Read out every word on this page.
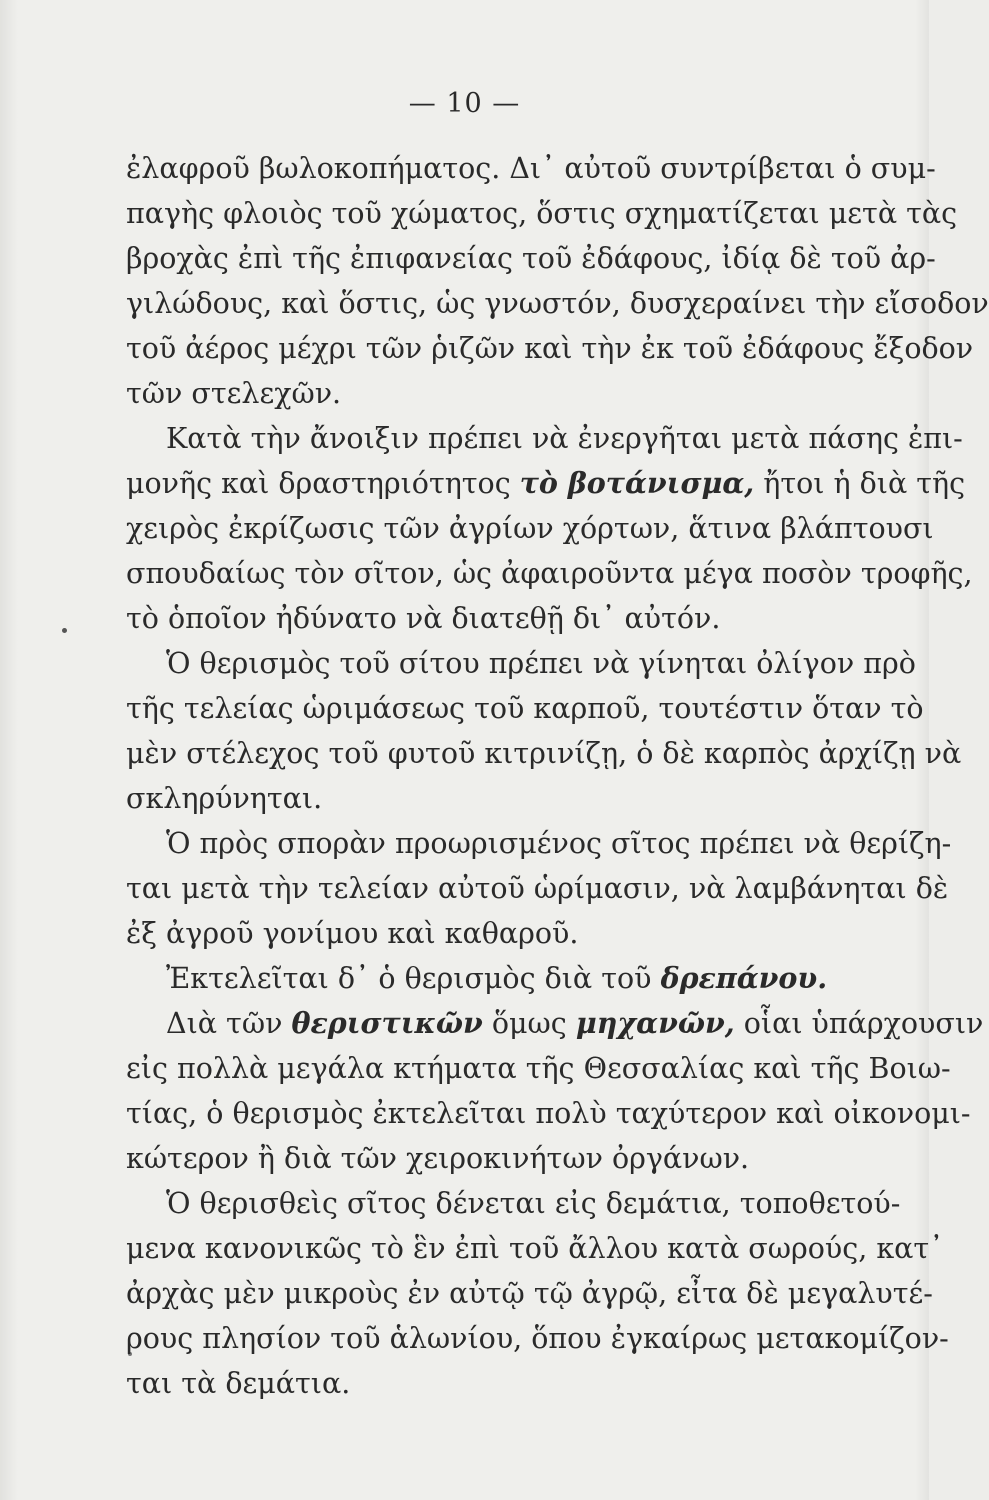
— 10 —
ἐλαφροῦ βωλοκοπήματος. Δι᾽ αὐτοῦ συντρίβεται ὁ συμ-
παγὴς φλοιὸς τοῦ χώματος, ὅστις σχηματίζεται μετὰ τὰς
βροχὰς ἐπὶ τῆς ἐπιφανείας τοῦ ἐδάφους, ἰδίᾳ δὲ τοῦ ἀρ-
γιλώδους, καὶ ὅστις, ὡς γνωστόν, δυσχεραίνει τὴν εἴσοδον
τοῦ ἀέρος μέχρι τῶν ῥιζῶν καὶ τὴν ἐκ τοῦ ἐδάφους ἔξοδον
τῶν στελεχῶν.
Κατὰ τὴν ἄνοιξιν πρέπει νὰ ἐνεργῆται μετὰ πάσης ἐπι-
μονῆς καὶ δραστηριότητος τὸ βοτάνισμα, ἤτοι ἡ διὰ τῆς
χειρὸς ἐκρίζωσις τῶν ἀγρίων χόρτων, ἅτινα βλάπτουσι
σπουδαίως τὸν σῖτον, ὡς ἀφαιροῦντα μέγα ποσὸν τροφῆς,
τὸ ὁποῖον ἠδύνατο νὰ διατεθῇ δι᾽ αὐτόν.
Ὁ θερισμὸς τοῦ σίτου πρέπει νὰ γίνηται ὀλίγον πρὸ
τῆς τελείας ὡριμάσεως τοῦ καρποῦ, τουτέστιν ὅταν τὸ
μὲν στέλεχος τοῦ φυτοῦ κιτρινίζῃ, ὁ δὲ καρπὸς ἀρχίζῃ νὰ
σκληρύνηται.
Ὁ πρὸς σπορὰν προωρισμένος σῖτος πρέπει νὰ θερίζη-
ται μετὰ τὴν τελείαν αὐτοῦ ὡρίμασιν, νὰ λαμβάνηται δὲ
ἐξ ἀγροῦ γονίμου καὶ καθαροῦ.
Ἐκτελεῖται δ᾽ ὁ θερισμὸς διὰ τοῦ δρεπάνου.
Διὰ τῶν θεριστικῶν ὅμως μηχανῶν, οἷαι ὑπάρχουσιν
εἰς πολλὰ μεγάλα κτήματα τῆς Θεσσαλίας καὶ τῆς Βοιω-
τίας, ὁ θερισμὸς ἐκτελεῖται πολὺ ταχύτερον καὶ οἰκονομι-
κώτερον ἢ διὰ τῶν χειροκινήτων ὀργάνων.
Ὁ θερισθεὶς σῖτος δένεται εἰς δεμάτια, τοποθετού-
μενα κανονικῶς τὸ ἓν ἐπὶ τοῦ ἄλλου κατὰ σωρούς, κατ᾽
ἀρχὰς μὲν μικροὺς ἐν αὐτῷ τῷ ἀγρῷ, εἶτα δὲ μεγαλυτέ-
ρους πλησίον τοῦ ἁλωνίου, ὅπου ἐγκαίρως μετακομίζον-
ται τὰ δεμάτια.
